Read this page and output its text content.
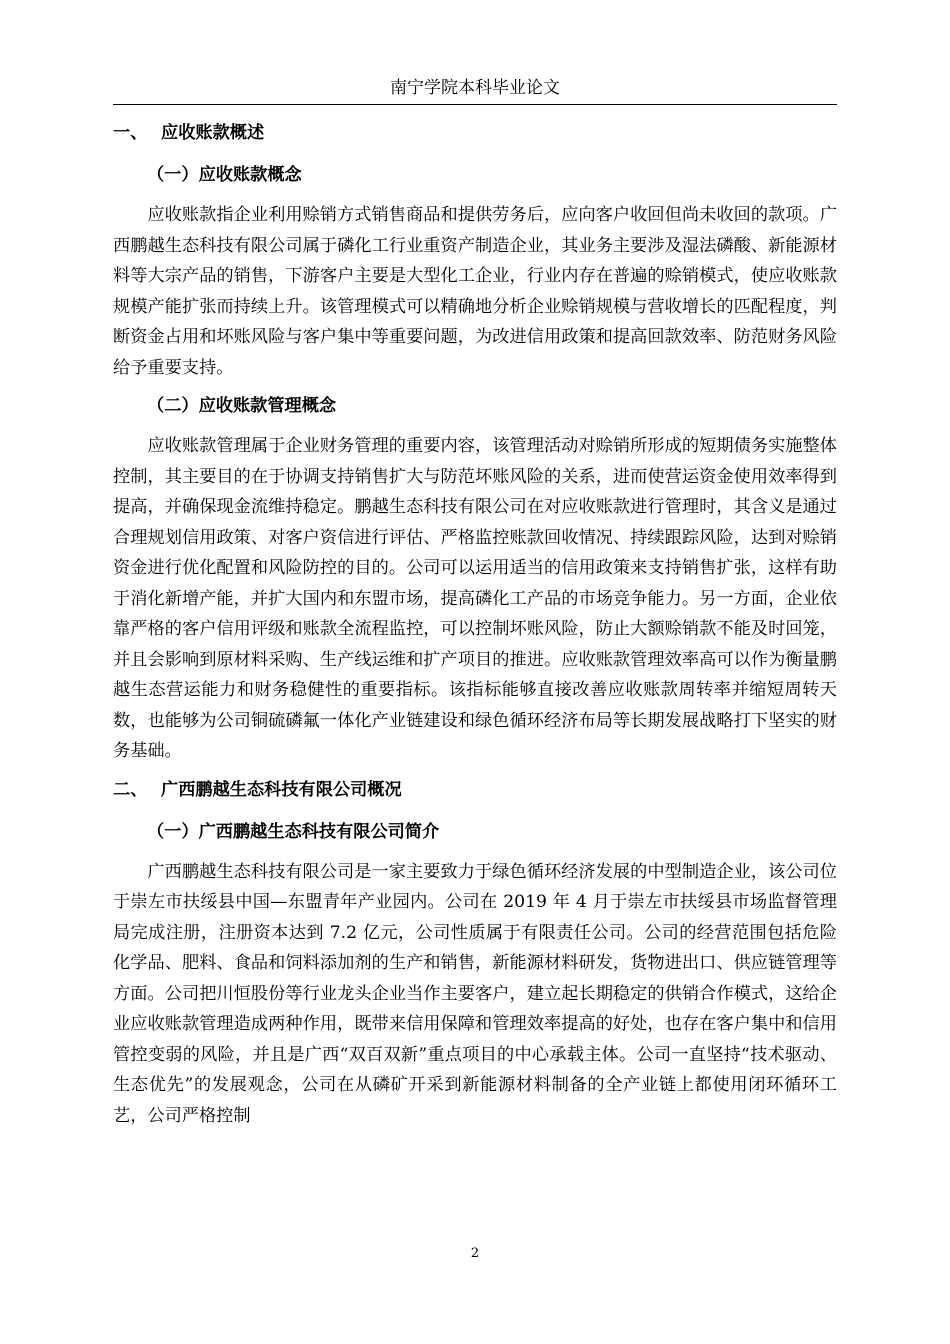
南宁学院本科毕业论文
一、 应收账款概述
（一）应收账款概念

应收账款指企业利用赊销方式销售商品和提供劳务后，应向客户收回但尚未收回的款项。广西鹏越生态科技有限公司属于磷化工行业重资产制造企业，其业务主要涉及湿法磷酸、新能源材料等大宗产品的销售，下游客户主要是大型化工企业，行业内存在普遍的赊销模式，使应收账款规模产能扩张而持续上升。该管理模式可以精确地分析企业赊销规模与营收增长的匹配程度，判断资金占用和坏账风险与客户集中等重要问题，为改进信用政策和提高回款效率、防范财务风险给予重要支持。

（二）应收账款管理概念

应收账款管理属于企业财务管理的重要内容，该管理活动对赊销所形成的短期债务实施整体控制，其主要目的在于协调支持销售扩大与防范坏账风险的关系，进而使营运资金使用效率得到提高，并确保现金流维持稳定。鹏越生态科技有限公司在对应收账款进行管理时，其含义是通过合理规划信用政策、对客户资信进行评估、严格监控账款回收情况、持续跟踪风险，达到对赊销资金进行优化配置和风险防控的目的。公司可以运用适当的信用政策来支持销售扩张，这样有助于消化新增产能，并扩大国内和东盟市场，提高磷化工产品的市场竞争能力。另一方面，企业依靠严格的客户信用评级和账款全流程监控，可以控制坏账风险，防止大额赊销款不能及时回笼，并且会影响到原材料采购、生产线运维和扩产项目的推进。应收账款管理效率高可以作为衡量鹏越生态营运能力和财务稳健性的重要指标。该指标能够直接改善应收账款周转率并缩短周转天数，也能够为公司铜硫磷氟一体化产业链建设和绿色循环经济布局等长期发展战略打下坚实的财务基础。

二、 广西鹏越生态科技有限公司概况
（一）广西鹏越生态科技有限公司简介

广西鹏越生态科技有限公司是一家主要致力于绿色循环经济发展的中型制造企业，该公司位于崇左市扶绥县中国—东盟青年产业园内。公司在 2019 年 4 月于崇左市扶绥县市场监督管理局完成注册，注册资本达到 7.2 亿元，公司性质属于有限责任公司。公司的经营范围包括危险化学品、肥料、食品和饲料添加剂的生产和销售，新能源材料研发，货物进出口、供应链管理等方面。公司把川恒股份等行业龙头企业当作主要客户，建立起长期稳定的供销合作模式，这给企业应收账款管理造成两种作用，既带来信用保障和管理效率提高的好处，也存在客户集中和信用管控变弱的风险，并且是广西“双百双新”重点项目的中心承载主体。公司一直坚持“技术驱动、生态优先”的发展观念，公司在从磷矿开采到新能源材料制备的全产业链上都使用闭环循环工艺，公司严格控制

2
